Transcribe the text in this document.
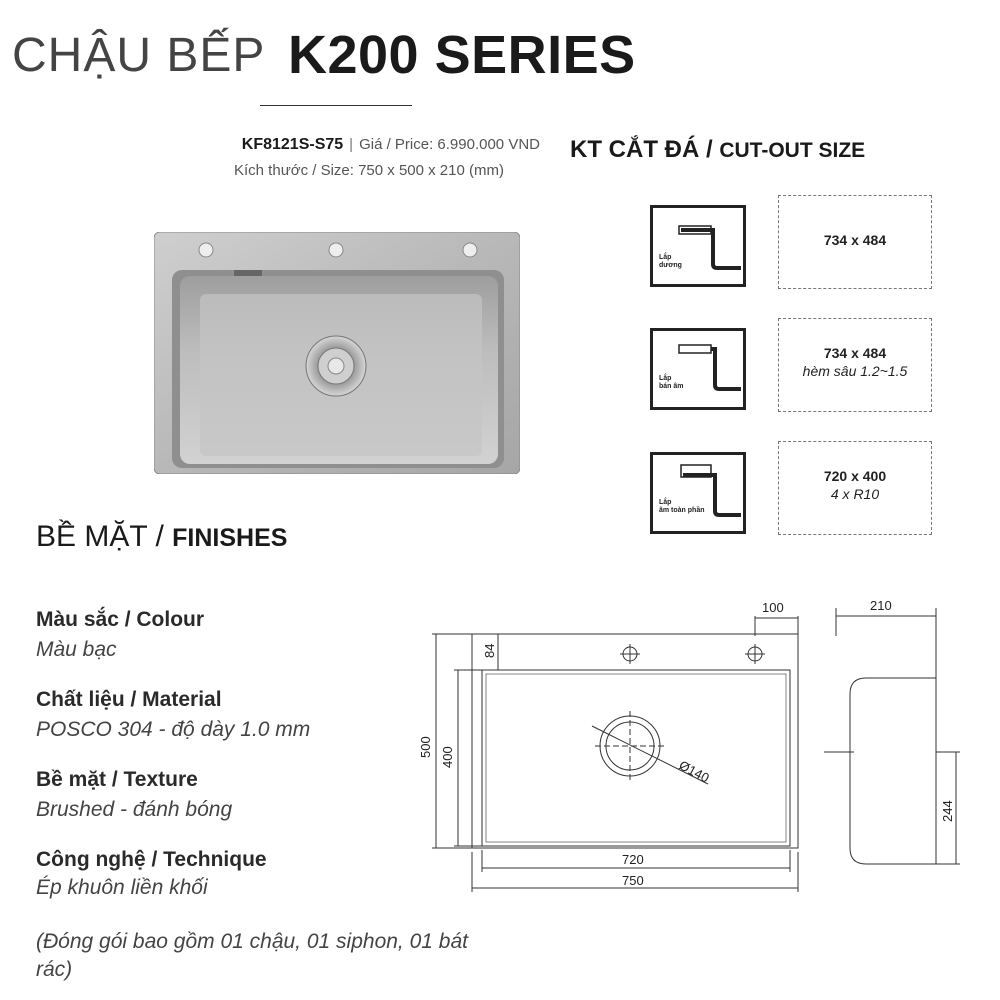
CHẬU BẾP K200 SERIES
KF8121S-S75 | Giá / Price: 6.990.000 VND
Kích thước / Size: 750 x 500 x 210 (mm)
KT CẮT ĐÁ / CUT-OUT SIZE
Lắp
dương
734 x 484
Lắp
bán âm
734 x 484
hèm sâu 1.2~1.5
Lắp
âm toàn phần
720 x 400
4 x R10
BỀ MẶT / FINISHES
Màu sắc / Colour
Màu bạc
Chất liệu / Material
POSCO 304 - độ dày 1.0 mm
Bề mặt / Texture
Brushed - đánh bóng
Công nghệ / Technique
Ép khuôn liền khối
(Đóng gói bao gồm 01 chậu, 01 siphon, 01 bát rác)
100
84
500 400
Ø140
720
750
210
244
